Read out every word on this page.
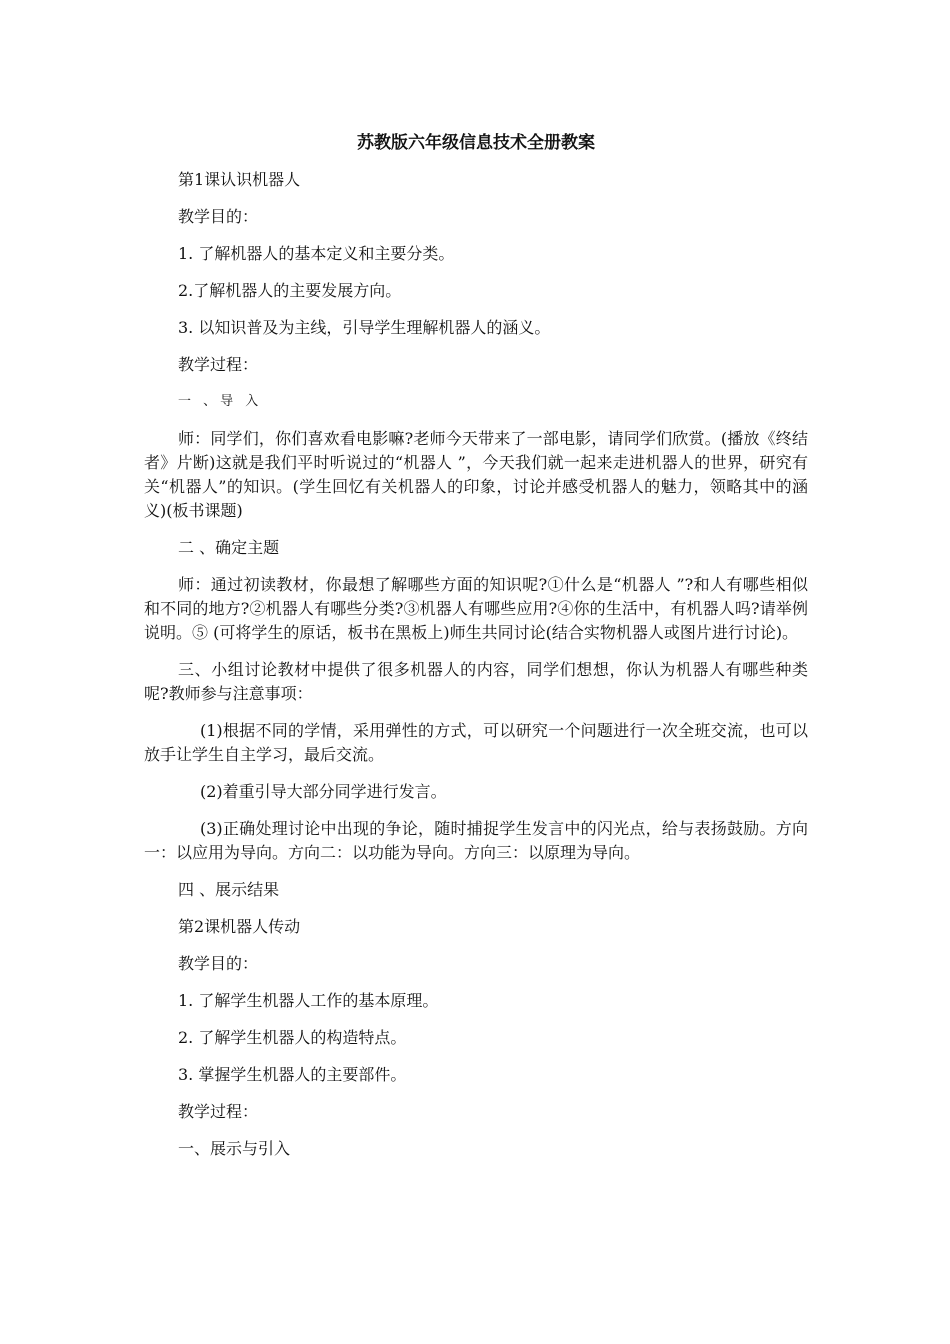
苏教版六年级信息技术全册教案

第1课认识机器人

教学目的：

1. 了解机器人的基本定义和主要分类。

2.了解机器人的主要发展方向。

3. 以知识普及为主线，引导学生理解机器人的涵义。

教学过程：

一 、导 入

师：同学们，你们喜欢看电影嘛?老师今天带来了一部电影，请同学们欣赏。(播放《终结者》片断)这就是我们平时听说过的“机器人 ”，今天我们就一起来走进机器人的世界，研究有关“机器人”的知识。(学生回忆有关机器人的印象，讨论并感受机器人的魅力，领略其中的涵义)(板书课题)

二 、确定主题

师：通过初读教材，你最想了解哪些方面的知识呢?①什么是“机器人 ”?和人有哪些相似和不同的地方?②机器人有哪些分类?③机器人有哪些应用?④你的生活中，有机器人吗?请举例说明。⑤ (可将学生的原话，板书在黑板上)师生共同讨论(结合实物机器人或图片进行讨论)。

三、小组讨论教材中提供了很多机器人的内容，同学们想想，你认为机器人有哪些种类呢?教师参与注意事项：

(1)根据不同的学情，采用弹性的方式，可以研究一个问题进行一次全班交流，也可以放手让学生自主学习，最后交流。

(2)着重引导大部分同学进行发言。

(3)正确处理讨论中出现的争论，随时捕捉学生发言中的闪光点，给与表扬鼓励。方向一：以应用为导向。方向二：以功能为导向。方向三：以原理为导向。

四 、展示结果

第2课机器人传动

教学目的：

1. 了解学生机器人工作的基本原理。

2. 了解学生机器人的构造特点。

3. 掌握学生机器人的主要部件。

教学过程：

一、展示与引入
